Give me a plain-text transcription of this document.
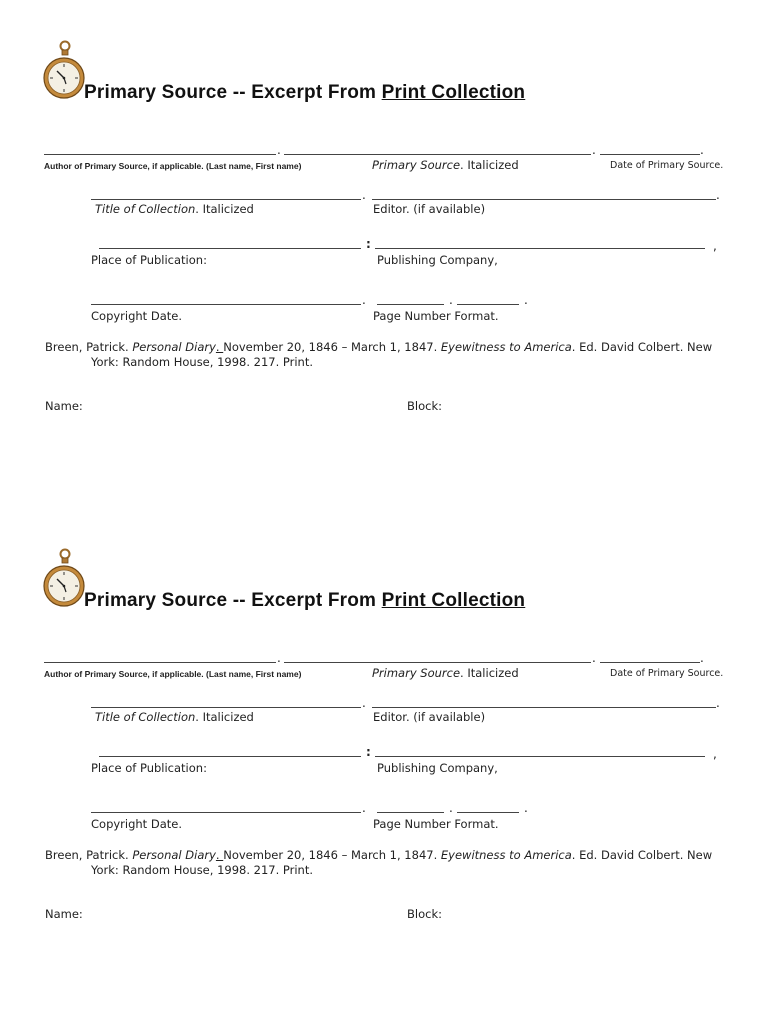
Primary Source -- Excerpt From Print Collection
.	.	.
Author of Primary Source, if applicable. (Last name, First name)	Primary Source. Italicized	Date of Primary Source.
.	.
Title of Collection. Italicized	Editor. (if available)
:	,
Place of Publication:	Publishing Company,
.	.	.
Copyright Date.	Page Number Format.
Breen, Patrick. Personal Diary. November 20, 1846 – March 1, 1847. Eyewitness to America. Ed. David Colbert. New
York: Random House, 1998. 217. Print.
Name:	Block:
Primary Source -- Excerpt From Print Collection
.	.	.
Author of Primary Source, if applicable. (Last name, First name)	Primary Source. Italicized	Date of Primary Source.
.	.
Title of Collection. Italicized	Editor. (if available)
:	,
Place of Publication:	Publishing Company,
.	.	.
Copyright Date.	Page Number Format.
Breen, Patrick. Personal Diary. November 20, 1846 – March 1, 1847. Eyewitness to America. Ed. David Colbert. New
York: Random House, 1998. 217. Print.
Name:	Block:
